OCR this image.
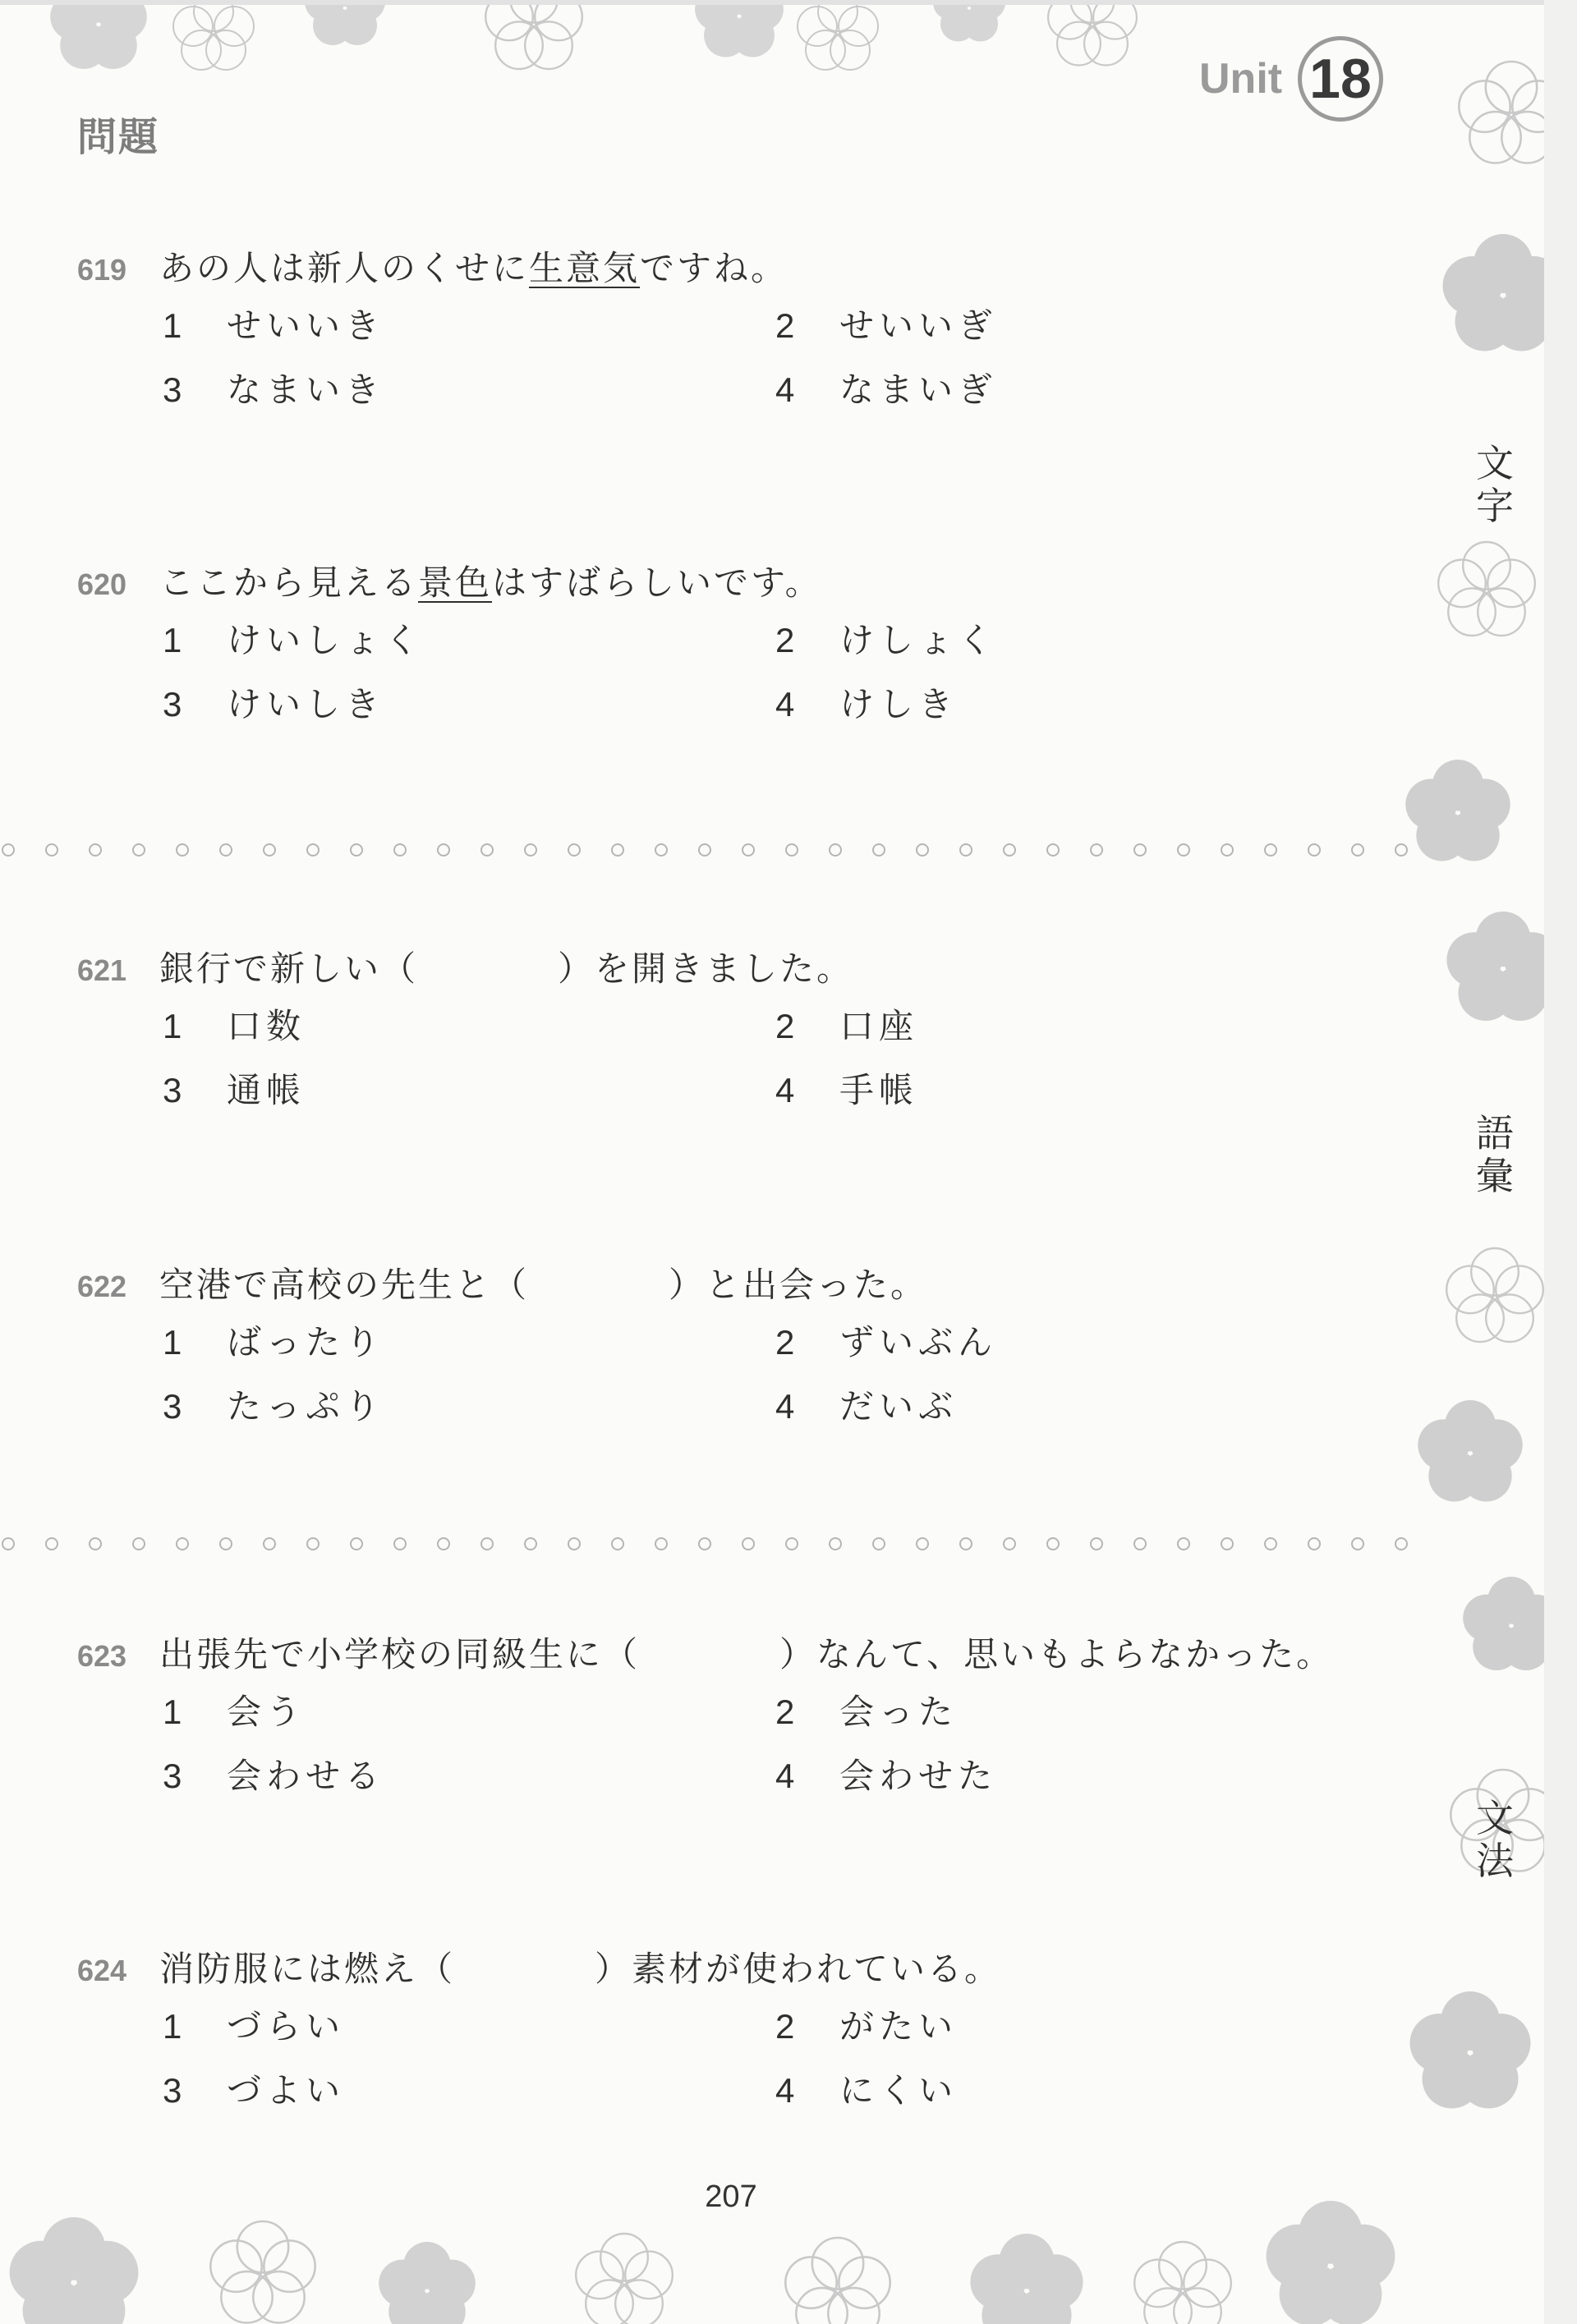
問題
Unit 18
文字
語彙
文法
619 あの人は新人のくせに生意気ですね。
1 せいいき	2 せいいぎ
3 なまいき	4 なまいぎ
620 ここから見える景色はすばらしいです。
1 けいしょく	2 けしょく
3 けいしき	4 けしき
621 銀行で新しい（	）を開きました。
1 口数	2 口座
3 通帳	4 手帳
622 空港で高校の先生と（	）と出会った。
1 ばったり	2 ずいぶん
3 たっぷり	4 だいぶ
623 出張先で小学校の同級生に（	）なんて、思いもよらなかった。
1 会う	2 会った
3 会わせる	4 会わせた
624 消防服には燃え（	）素材が使われている。
1 づらい	2 がたい
3 づよい	4 にくい
207
